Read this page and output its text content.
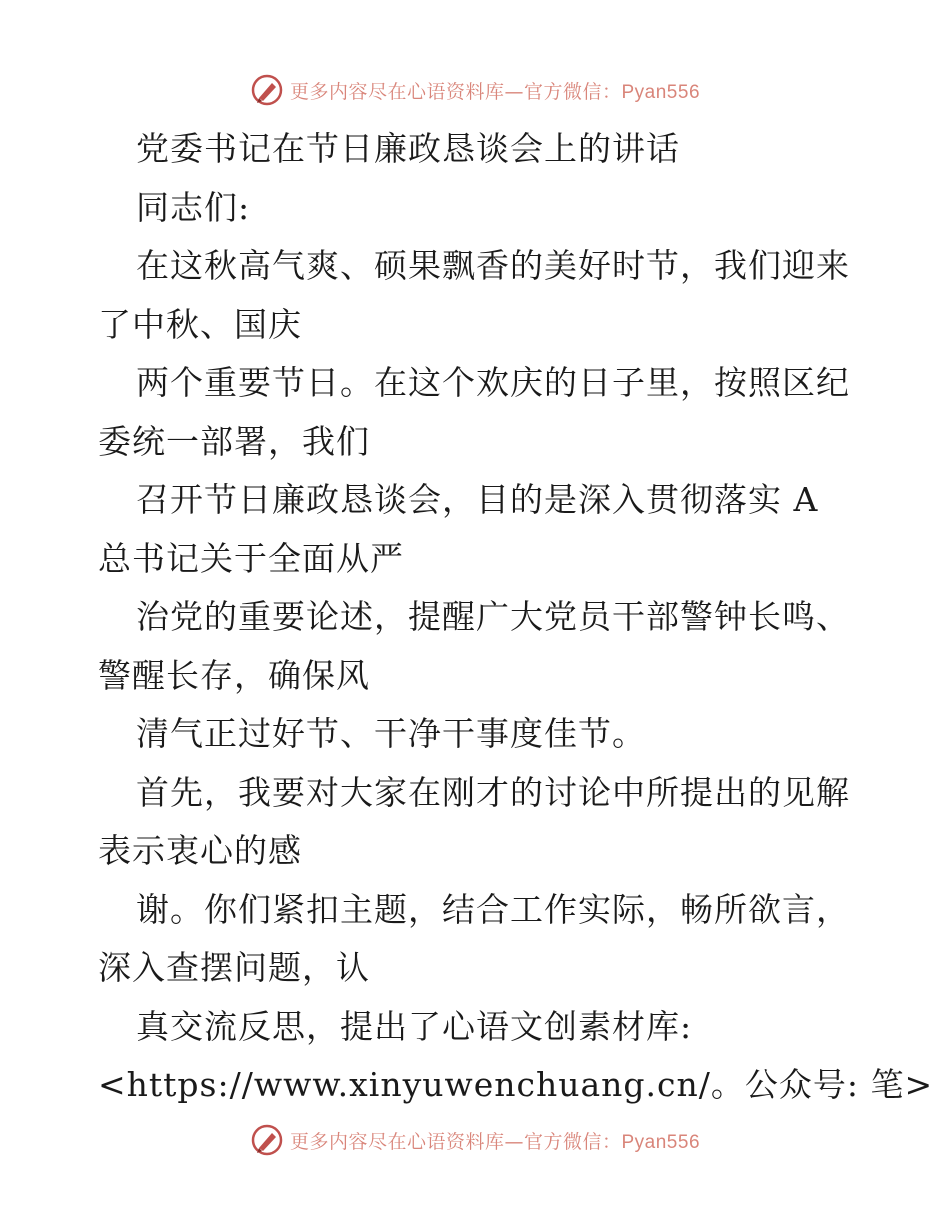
更多内容尽在心语资料库—官方微信：Pyan556
党委书记在节日廉政恳谈会上的讲话
同志们:
在这秋高气爽、硕果飘香的美好时节，我们迎来
了中秋、国庆
两个重要节日。在这个欢庆的日子里，按照区纪
委统一部署，我们
召开节日廉政恳谈会，目的是深入贯彻落实 A
总书记关于全面从严
治党的重要论述，提醒广大党员干部警钟长鸣、
警醒长存，确保风
清气正过好节、干净干事度佳节。
首先，我要对大家在刚才的讨论中所提出的见解
表示衷心的感
谢。你们紧扣主题，结合工作实际，畅所欲言，
深入查摆问题，认
真交流反思，提出了心语文创素材库:
<https://www.xinyuwenchuang.cn/。公众号: 笔>
更多内容尽在心语资料库—官方微信：Pyan556
